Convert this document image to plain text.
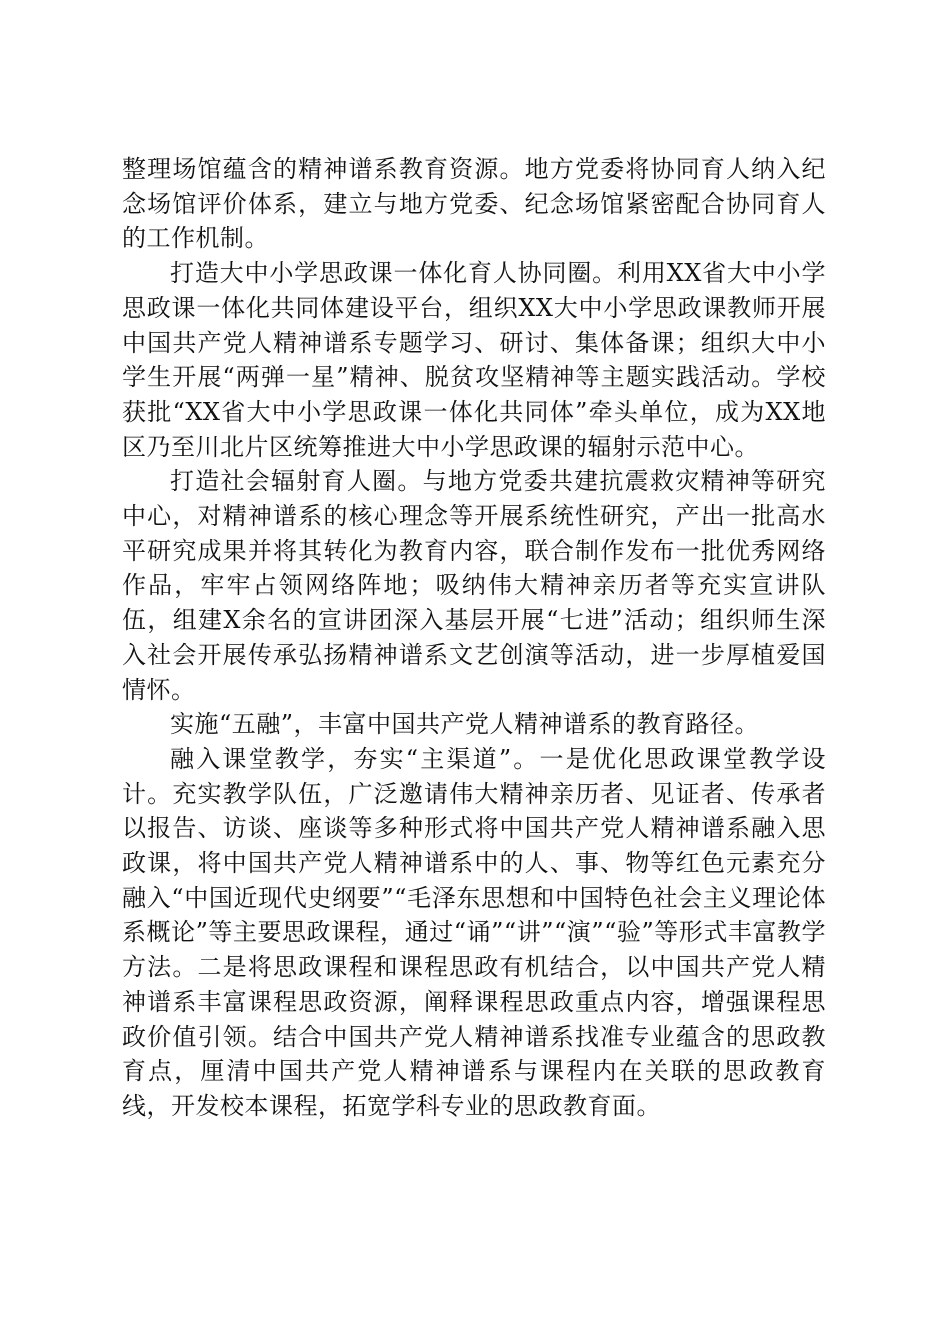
整理场馆蕴含的精神谱系教育资源。地方党委将协同育人纳入纪念场馆评价体系，建立与地方党委、纪念场馆紧密配合协同育人的工作机制。

打造大中小学思政课一体化育人协同圈。利用XX省大中小学思政课一体化共同体建设平台，组织XX大中小学思政课教师开展中国共产党人精神谱系专题学习、研讨、集体备课；组织大中小学生开展“两弹一星”精神、脱贫攻坚精神等主题实践活动。学校获批“XX省大中小学思政课一体化共同体”牵头单位，成为XX地区乃至川北片区统筹推进大中小学思政课的辐射示范中心。

打造社会辐射育人圈。与地方党委共建抗震救灾精神等研究中心，对精神谱系的核心理念等开展系统性研究，产出一批高水平研究成果并将其转化为教育内容，联合制作发布一批优秀网络作品，牢牢占领网络阵地；吸纳伟大精神亲历者等充实宣讲队伍，组建X余名的宣讲团深入基层开展“七进”活动；组织师生深入社会开展传承弘扬精神谱系文艺创演等活动，进一步厚植爱国情怀。

实施“五融”，丰富中国共产党人精神谱系的教育路径。

融入课堂教学，夯实“主渠道”。一是优化思政课堂教学设计。充实教学队伍，广泛邀请伟大精神亲历者、见证者、传承者以报告、访谈、座谈等多种形式将中国共产党人精神谱系融入思政课，将中国共产党人精神谱系中的人、事、物等红色元素充分融入“中国近现代史纲要”“毛泽东思想和中国特色社会主义理论体系概论”等主要思政课程，通过“诵”“讲”“演”“验”等形式丰富教学方法。二是将思政课程和课程思政有机结合，以中国共产党人精神谱系丰富课程思政资源，阐释课程思政重点内容，增强课程思政价值引领。结合中国共产党人精神谱系找准专业蕴含的思政教育点，厘清中国共产党人精神谱系与课程内在关联的思政教育线，开发校本课程，拓宽学科专业的思政教育面。
